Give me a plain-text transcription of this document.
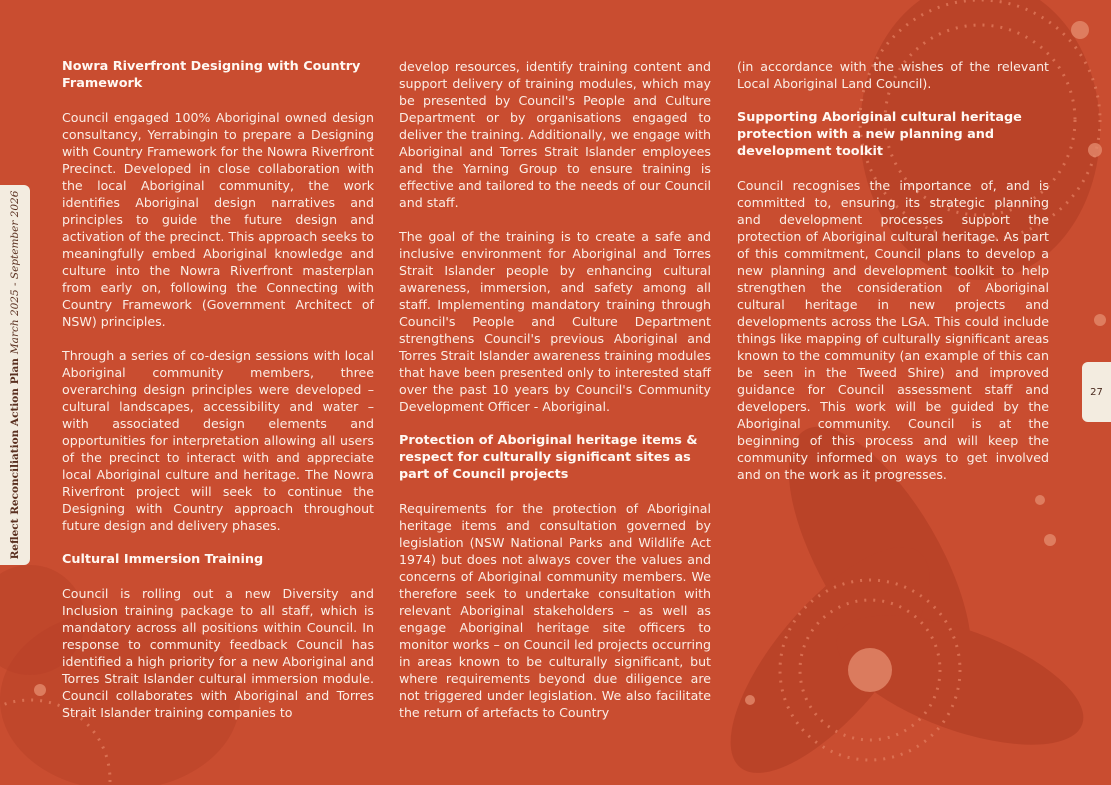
Reflect Reconciliation Action PlanMarch 2025 - September 2026
27
Nowra Riverfront Designing with Country Framework

Council engaged 100% Aboriginal owned design consultancy, Yerrabingin to prepare a Designing with Country Framework for the Nowra Riverfront Precinct. Developed in close collaboration with the local Aboriginal community, the work identifies Aboriginal design narratives and principles to guide the future design and activation of the precinct. This approach seeks to meaningfully embed Aboriginal knowledge and culture into the Nowra Riverfront masterplan from early on, following the Connecting with Country Framework (Government Architect of NSW) principles.

Through a series of co-design sessions with local Aboriginal community members, three overarching design principles were developed – cultural landscapes, accessibility and water – with associated design elements and opportunities for interpretation allowing all users of the precinct to interact with and appreciate local Aboriginal culture and heritage. The Nowra Riverfront project will seek to continue the Designing with Country approach throughout future design and delivery phases.

Cultural Immersion Training

Council is rolling out a new Diversity and Inclusion training package to all staff, which is mandatory across all positions within Council. In response to community feedback Council has identified a high priority for a new Aboriginal and Torres Strait Islander cultural immersion module. Council collaborates with Aboriginal and Torres Strait Islander training companies to

develop resources, identify training content and support delivery of training modules, which may be presented by Council's People and Culture Department or by organisations engaged to deliver the training. Additionally, we engage with Aboriginal and Torres Strait Islander employees and the Yarning Group to ensure training is effective and tailored to the needs of our Council and staff.

The goal of the training is to create a safe and inclusive environment for Aboriginal and Torres Strait Islander people by enhancing cultural awareness, immersion, and safety among all staff. Implementing mandatory training through Council's People and Culture Department strengthens Council's previous Aboriginal and Torres Strait Islander awareness training modules that have been presented only to interested staff over the past 10 years by Council's Community Development Officer - Aboriginal.

Protection of Aboriginal heritage items & respect for culturally significant sites as part of Council projects

Requirements for the protection of Aboriginal heritage items and consultation governed by legislation (NSW National Parks and Wildlife Act 1974) but does not always cover the values and concerns of Aboriginal community members. We therefore seek to undertake consultation with relevant Aboriginal stakeholders – as well as engage Aboriginal heritage site officers to monitor works – on Council led projects occurring in areas known to be culturally significant, but where requirements beyond due diligence are not triggered under legislation. We also facilitate the return of artefacts to Country

(in accordance with the wishes of the relevant Local Aboriginal Land Council).

Supporting Aboriginal cultural heritage protection with a new planning and development toolkit

Council recognises the importance of, and is committed to, ensuring its strategic planning and development processes support the protection of Aboriginal cultural heritage. As part of this commitment, Council plans to develop a new planning and development toolkit to help strengthen the consideration of Aboriginal cultural heritage in new projects and developments across the LGA. This could include things like mapping of culturally significant areas known to the community (an example of this can be seen in the Tweed Shire) and improved guidance for Council assessment staff and developers. This work will be guided by the Aboriginal community. Council is at the beginning of this process and will keep the community informed on ways to get involved and on the work as it progresses.
